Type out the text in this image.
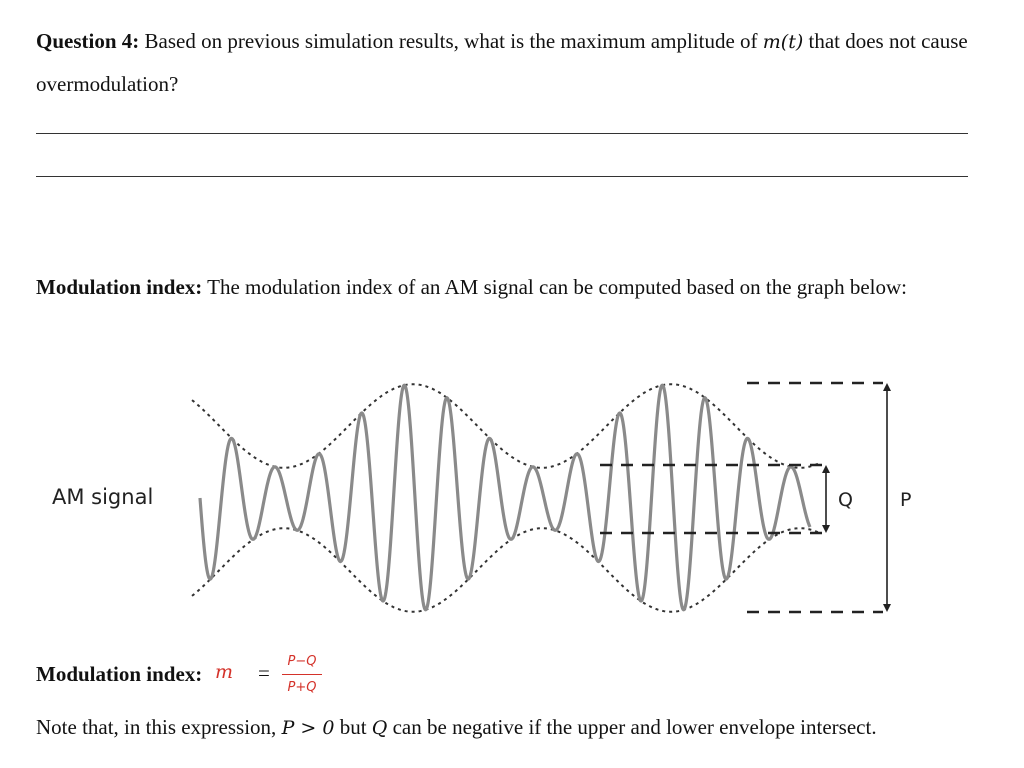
Question 4: Based on previous simulation results, what is the maximum amplitude of m(t) that does not cause overmodulation?
Modulation index: The modulation index of an AM signal can be computed based on the graph below:
AM signal	Q P
Modulation index: m =	P−Q
P+Q
Note that, in this expression, P > 0 but Q can be negative if the upper and lower envelope intersect.
